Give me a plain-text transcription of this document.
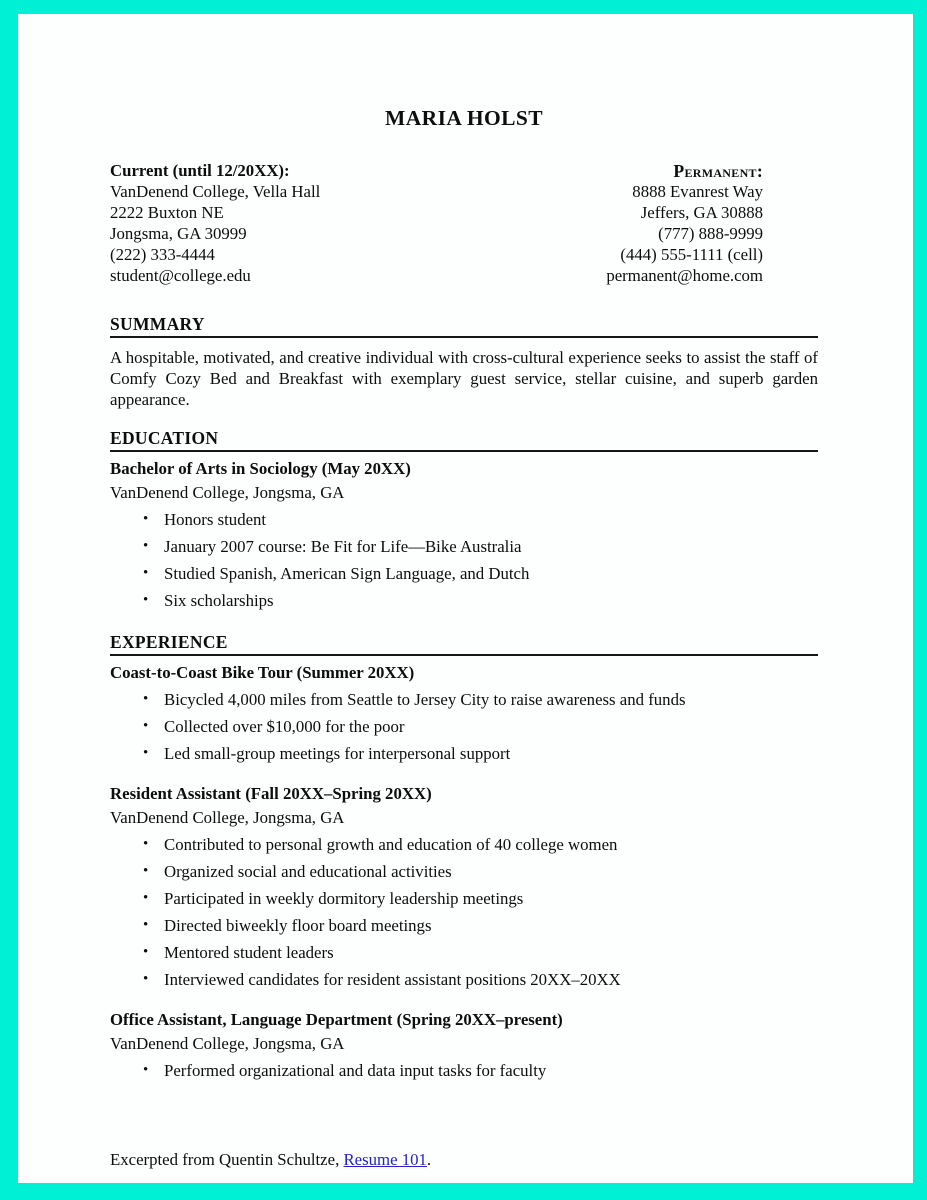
MARIA HOLST
Current (until 12/20XX):
VanDenend College, Vella Hall
2222 Buxton NE
Jongsma, GA 30999
(222) 333-4444
student@college.edu
Permanent:
8888 Evanrest Way
Jeffers, GA 30888
(777) 888-9999
(444) 555-1111 (cell)
permanent@home.com
SUMMARY

A hospitable, motivated, and creative individual with cross-cultural experience seeks to assist the staff of Comfy Cozy Bed and Breakfast with exemplary guest service, stellar cuisine, and superb garden appearance.

EDUCATION

Bachelor of Arts in Sociology (May 20XX)

VanDenend College, Jongsma, GA

• Honors student
• January 2007 course: Be Fit for Life—Bike Australia
• Studied Spanish, American Sign Language, and Dutch
• Six scholarships
EXPERIENCE

Coast-to-Coast Bike Tour (Summer 20XX)

• Bicycled 4,000 miles from Seattle to Jersey City to raise awareness and funds
• Collected over $10,000 for the poor
• Led small-group meetings for interpersonal support

Resident Assistant (Fall 20XX–Spring 20XX)

VanDenend College, Jongsma, GA

• Contributed to personal growth and education of 40 college women
• Organized social and educational activities
• Participated in weekly dormitory leadership meetings
• Directed biweekly floor board meetings
• Mentored student leaders
• Interviewed candidates for resident assistant positions 20XX–20XX

Office Assistant, Language Department (Spring 20XX–present)

VanDenend College, Jongsma, GA

• Performed organizational and data input tasks for faculty

Excerpted from Quentin Schultze, Resume 101.
